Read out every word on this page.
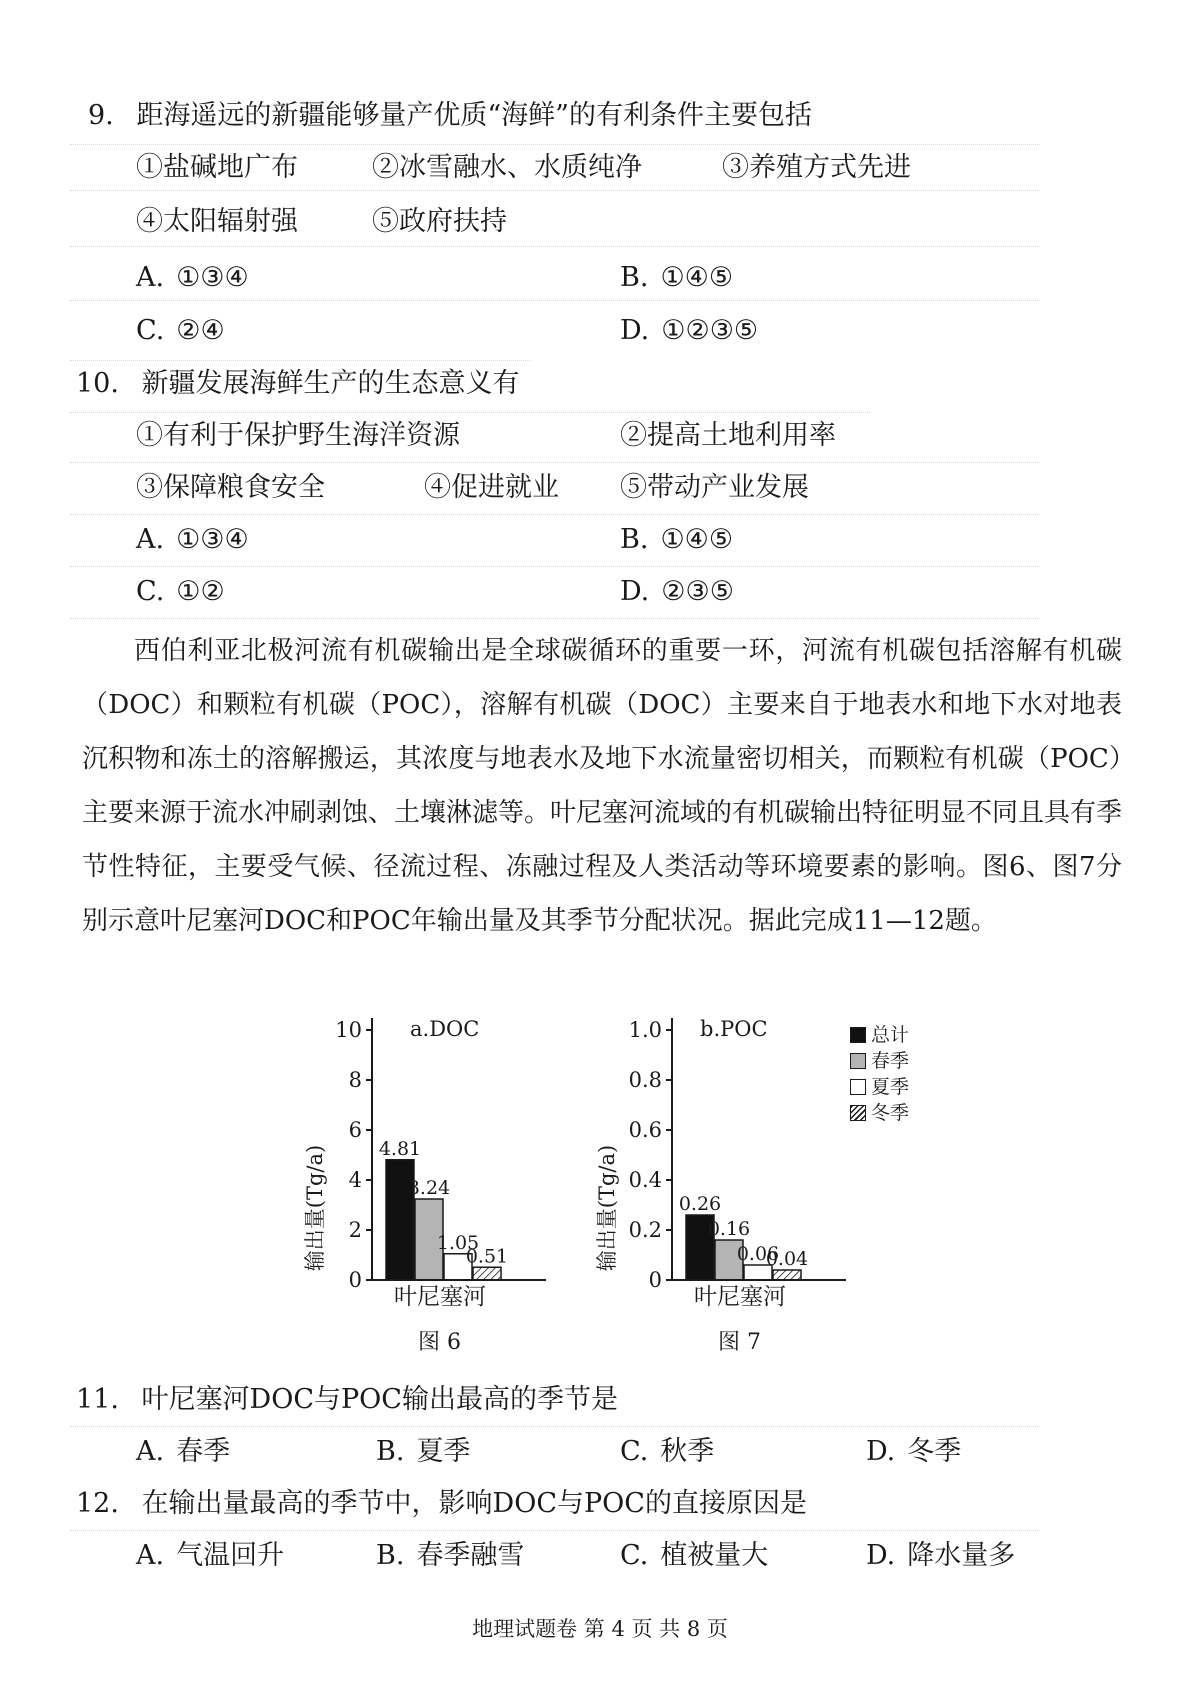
9. 距海遥远的新疆能够量产优质“海鲜”的有利条件主要包括
①盐碱地广布	②冰雪融水、水质纯净	③养殖方式先进
④太阳辐射强	⑤政府扶持
A. ①③④	B. ①④⑤
C. ②④	D. ①②③⑤
10. 新疆发展海鲜生产的生态意义有
①有利于保护野生海洋资源	②提高土地利用率
③保障粮食安全	④促进就业 ⑤带动产业发展
A. ①③④	B. ①④⑤
C. ①②	D. ②③⑤

西伯利亚北极河流有机碳输出是全球碳循环的重要一环，河流有机碳包括溶解有机碳（DOC）和颗粒有机碳（POC），溶解有机碳（DOC）主要来自于地表水和地下水对地表沉积物和冻土的溶解搬运，其浓度与地表水及地下水流量密切相关，而颗粒有机碳（POC）主要来源于流水冲刷剥蚀、土壤淋滤等。叶尼塞河流域的有机碳输出特征明显不同且具有季节性特征，主要受气候、径流过程、冻融过程及人类活动等环境要素的影响。图6、图7分别示意叶尼塞河DOC和POC年输出量及其季节分配状况。据此完成11—12题。

0
2
4
6
8
10
4.81
3.24
1.05
0.51
a.DOC
输出量(Tg/a)
叶尼塞河
图 6
0
0.2
0.4
0.6
0.8
1.0
0.26
0.16
0.06
0.04
b.POC
输出量(Tg/a)
叶尼塞河
图 7
总计
春季
夏季
冬季
11. 叶尼塞河DOC与POC输出最高的季节是
A. 春季	B. 夏季	C. 秋季	D. 冬季
12. 在输出量最高的季节中，影响DOC与POC的直接原因是
A. 气温回升	B. 春季融雪	C. 植被量大	D. 降水量多
地理试题卷 第 4 页 共 8 页
